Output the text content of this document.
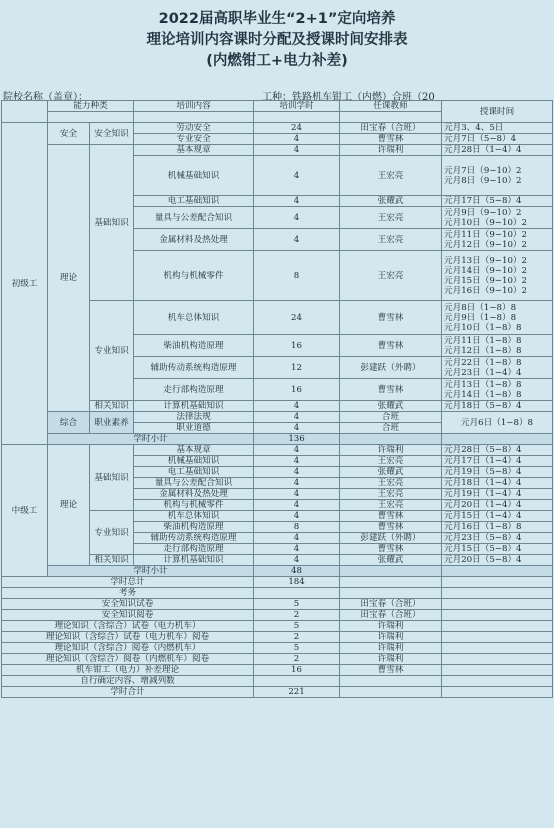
2022届高职毕业生“2+1”定向培养
理论培训内容课时分配及授课时间安排表
(内燃钳工+电力补差)
院校名称（盖章）：	工种：铁路机车钳工（内燃）合班（20
	能力种类		培训内容	培训学时	任课教师	授课时间

初级工	安全	安全知识	劳动安全	24	田宝春（合班）	元月3、4、5日

			专业安全	4	曹雪林	元月7日（5−8）4

	理论	基础知识	基本规章	4	许瑞利	元月28日（1−4）4

			机械基础知识	4	王宏亮	元月7日（9−10）2
元月8日（9−10）2

			电工基础知识	4	张耀武	元月17日（5−8）4

			量具与公差配合知识	4	王宏亮	元月9日（9−10）2
元月10日（9−10）2

			金属材料及热处理	4	王宏亮	元月11日（9−10）2
元月12日（9−10）2

			机构与机械零件	8	王宏亮	元月13日（9−10）2
元月14日（9−10）2
元月15日（9−10）2
元月16日（9−10）2

		专业知识	机车总体知识	24	曹雪林	元月8日（1−8）8
元月9日（1−8）8
元月10日（1−8）8

			柴油机构造原理	16	曹雪林	元月11日（1−8）8
元月12日（1−8）8

			辅助传动系统构造原理	12	彭建跃（外聘）	元月22日（1−8）8
元月23日（1−4）4

			走行部构造原理	16	曹雪林	元月13日（1−8）8
元月14日（1−8）8

		相关知识	计算机基础知识	4	张耀武	元月18日（5−8）4

	综合	职业素养	法律法规	4	合班	元月6日（1−8）8
			职业道德	4	合班	
	学时小计			136		
中级工	理论	基础知识	基本规章	4	许瑞利	元月28日（5−8）4
			机械基础知识	4	王宏亮	元月17日（1−4）4
			电工基础知识	4	张耀武	元月19日（5−8）4
			量具与公差配合知识	4	王宏亮	元月18日（1−4）4
			金属材料及热处理	4	王宏亮	元月19日（1−4）4
			机构与机械零件	4	王宏亮	元月20日（1−4）4
		专业知识	机车总体知识	4	曹雪林	元月15日（1−4）4
			柴油机构造原理	8	曹雪林	元月16日（1−8）8
			辅助传动系统构造原理	4	彭建跃（外聘）	元月23日（5−8）4
			走行部构造原理	4	曹雪林	元月15日（5−8）4
		相关知识	计算机基础知识	4	张耀武	元月20日（5−8）4
	学时小计			48		
学时总计				184		
考务						
安全知识试卷				5	田宝春（合班）	
安全知识阅卷				2	田宝春（合班）	
理论知识（含综合）试卷（电力机车）				5	许瑞利	
理论知识（含综合）试卷（电力机车）阅卷				2	许瑞利	
理论知识（含综合）阅卷（内燃机车）				5	许瑞利	
理论知识（含综合）阅卷（内燃机车）阅卷				2	许瑞利	
机车钳工（电力）补差理论				16	曹雪林	
自行确定内容、增减列数						
学时合计				221		
